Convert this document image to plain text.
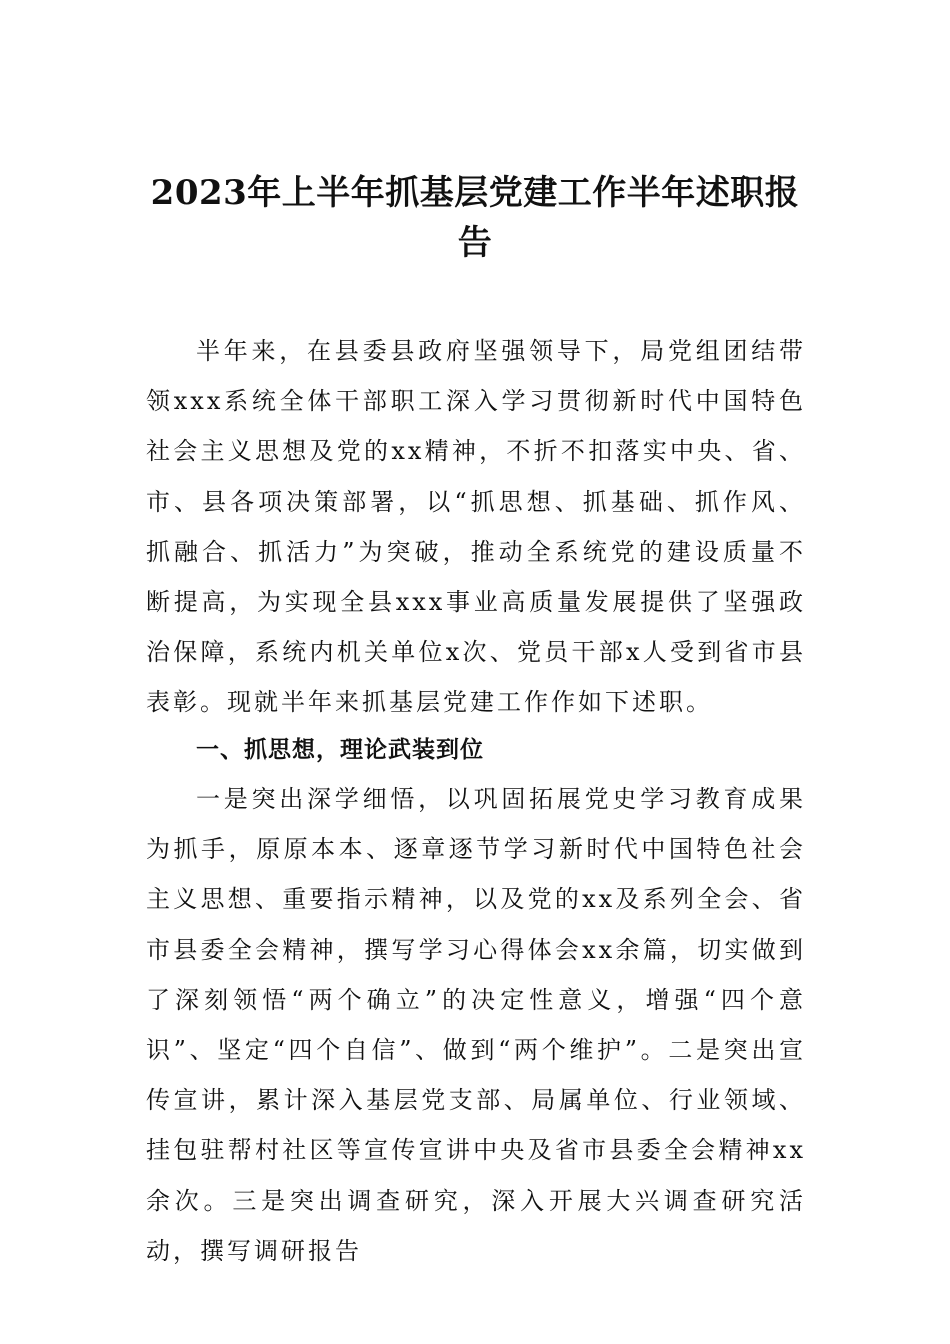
2023年上半年抓基层党建工作半年述职报告

半年来，在县委县政府坚强领导下，局党组团结带领xxx系统全体干部职工深入学习贯彻新时代中国特色社会主义思想及党的xx精神，不折不扣落实中央、省、市、县各项决策部署，以“抓思想、抓基础、抓作风、抓融合、抓活力”为突破，推动全系统党的建设质量不断提高，为实现全县xxx事业高质量发展提供了坚强政治保障，系统内机关单位x次、党员干部x人受到省市县表彰。现就半年来抓基层党建工作作如下述职。

一、抓思想，理论武装到位

一是突出深学细悟，以巩固拓展党史学习教育成果为抓手，原原本本、逐章逐节学习新时代中国特色社会主义思想、重要指示精神，以及党的xx及系列全会、省市县委全会精神，撰写学习心得体会xx余篇，切实做到了深刻领悟“两个确立”的决定性意义，增强“四个意识”、坚定“四个自信”、做到“两个维护”。二是突出宣传宣讲，累计深入基层党支部、局属单位、行业领域、挂包驻帮村社区等宣传宣讲中央及省市县委全会精神xx余次。三是突出调查研究，深入开展大兴调查研究活动，撰写调研报告
